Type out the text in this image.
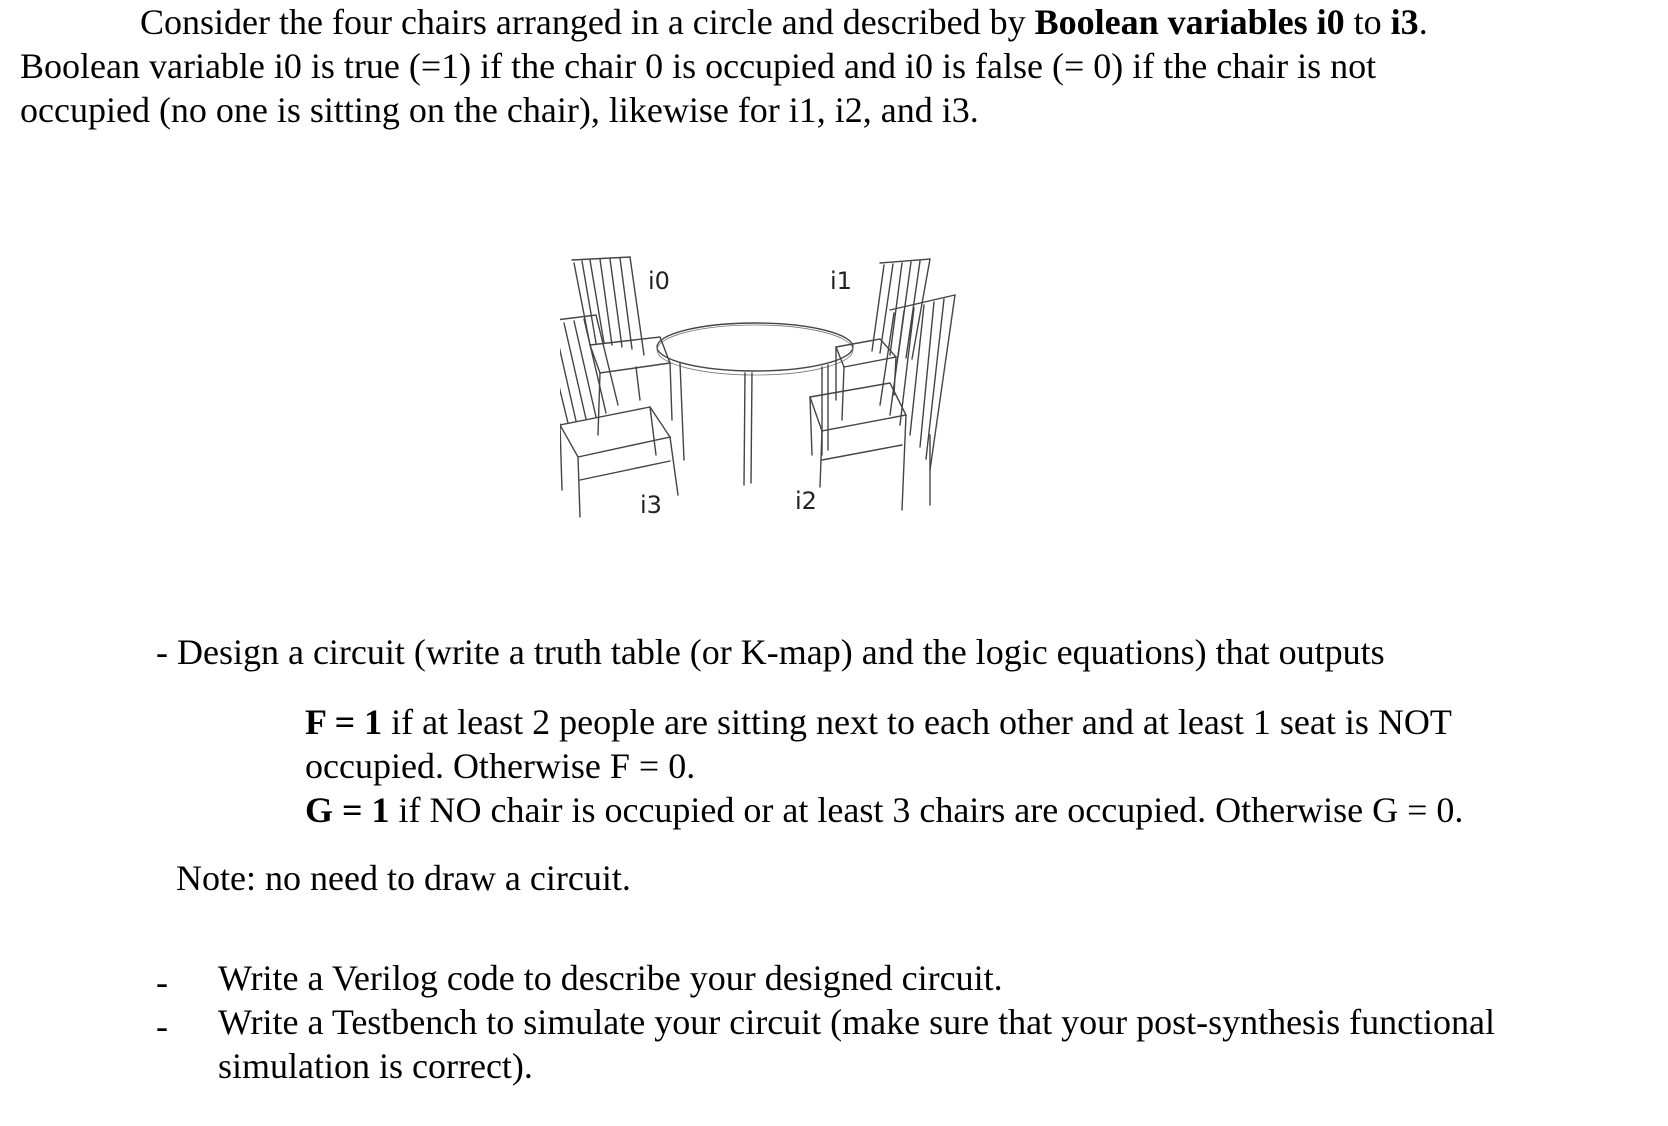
Consider the four chairs arranged in a circle and described by Boolean variables i0 to i3.
Boolean variable i0 is true (=1) if the chair 0 is occupied and i0 is false (= 0) if the chair is not
occupied (no one is sitting on the chair), likewise for i1, i2, and i3.
i0	i1
i3	i2
- Design a circuit (write a truth table (or K-map) and the logic equations) that outputs
F = 1 if at least 2 people are sitting next to each other and at least 1 seat is NOT
occupied. Otherwise F = 0.
G = 1 if NO chair is occupied or at least 3 chairs are occupied. Otherwise G = 0.
Note: no need to draw a circuit.
- Write a Verilog code to describe your designed circuit.
- Write a Testbench to simulate your circuit (make sure that your post-synthesis functional
simulation is correct).
